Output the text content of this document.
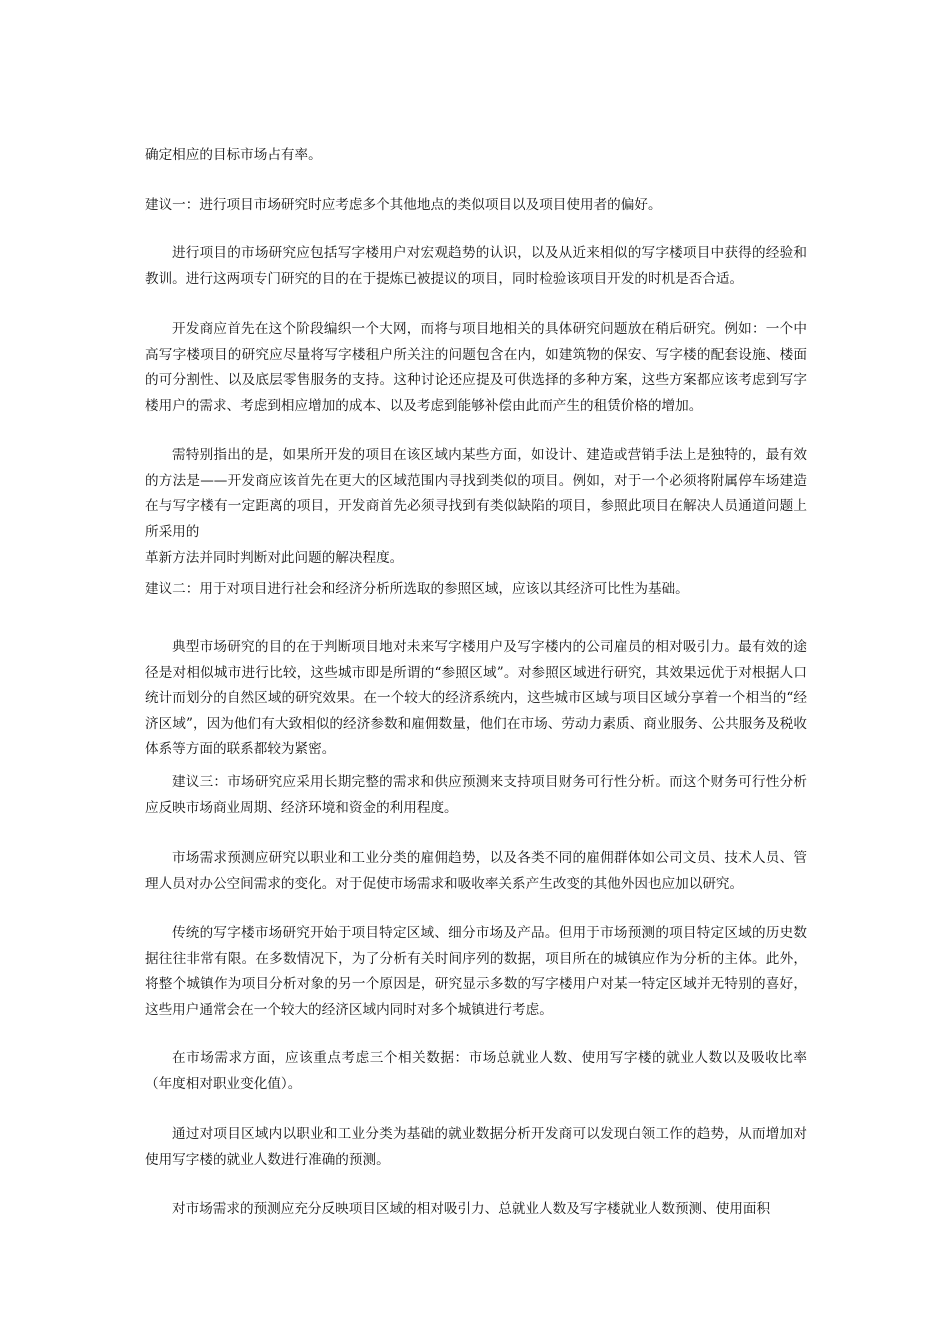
确定相应的目标市场占有率。

建议一：进行项目市场研究时应考虑多个其他地点的类似项目以及项目使用者的偏好。

进行项目的市场研究应包括写字楼用户对宏观趋势的认识，以及从近来相似的写字楼项目中获得的经验和教训。进行这两项专门研究的目的在于提炼已被提议的项目，同时检验该项目开发的时机是否合适。

开发商应首先在这个阶段编织一个大网，而将与项目地相关的具体研究问题放在稍后研究。例如：一个中高写字楼项目的研究应尽量将写字楼租户所关注的问题包含在内，如建筑物的保安、写字楼的配套设施、楼面的可分割性、以及底层零售服务的支持。这种讨论还应提及可供选择的多种方案，这些方案都应该考虑到写字楼用户的需求、考虑到相应增加的成本、以及考虑到能够补偿由此而产生的租赁价格的增加。

需特别指出的是，如果所开发的项目在该区域内某些方面，如设计、建造或营销手法上是独特的，最有效的方法是——开发商应该首先在更大的区域范围内寻找到类似的项目。例如，对于一个必须将附属停车场建造在与写字楼有一定距离的项目，开发商首先必须寻找到有类似缺陷的项目，参照此项目在解决人员通道问题上所采用的

革新方法并同时判断对此问题的解决程度。

建议二：用于对项目进行社会和经济分析所选取的参照区域，应该以其经济可比性为基础。

典型市场研究的目的在于判断项目地对未来写字楼用户及写字楼内的公司雇员的相对吸引力。最有效的途径是对相似城市进行比较，这些城市即是所谓的“参照区域”。对参照区域进行研究，其效果远优于对根据人口统计而划分的自然区域的研究效果。在一个较大的经济系统内，这些城市区域与项目区域分享着一个相当的“经济区域”，因为他们有大致相似的经济参数和雇佣数量，他们在市场、劳动力素质、商业服务、公共服务及税收体系等方面的联系都较为紧密。

建议三：市场研究应采用长期完整的需求和供应预测来支持项目财务可行性分析。而这个财务可行性分析应反映市场商业周期、经济环境和资金的利用程度。

市场需求预测应研究以职业和工业分类的雇佣趋势，以及各类不同的雇佣群体如公司文员、技术人员、管理人员对办公空间需求的变化。对于促使市场需求和吸收率关系产生改变的其他外因也应加以研究。

传统的写字楼市场研究开始于项目特定区域、细分市场及产品。但用于市场预测的项目特定区域的历史数据往往非常有限。在多数情况下，为了分析有关时间序列的数据，项目所在的城镇应作为分析的主体。此外，将整个城镇作为项目分析对象的另一个原因是，研究显示多数的写字楼用户对某一特定区域并无特别的喜好，这些用户通常会在一个较大的经济区域内同时对多个城镇进行考虑。

在市场需求方面，应该重点考虑三个相关数据：市场总就业人数、使用写字楼的就业人数以及吸收比率（年度相对职业变化值）。

通过对项目区域内以职业和工业分类为基础的就业数据分析开发商可以发现白领工作的趋势，从而增加对使用写字楼的就业人数进行准确的预测。

对市场需求的预测应充分反映项目区域的相对吸引力、总就业人数及写字楼就业人数预测、使用面积
